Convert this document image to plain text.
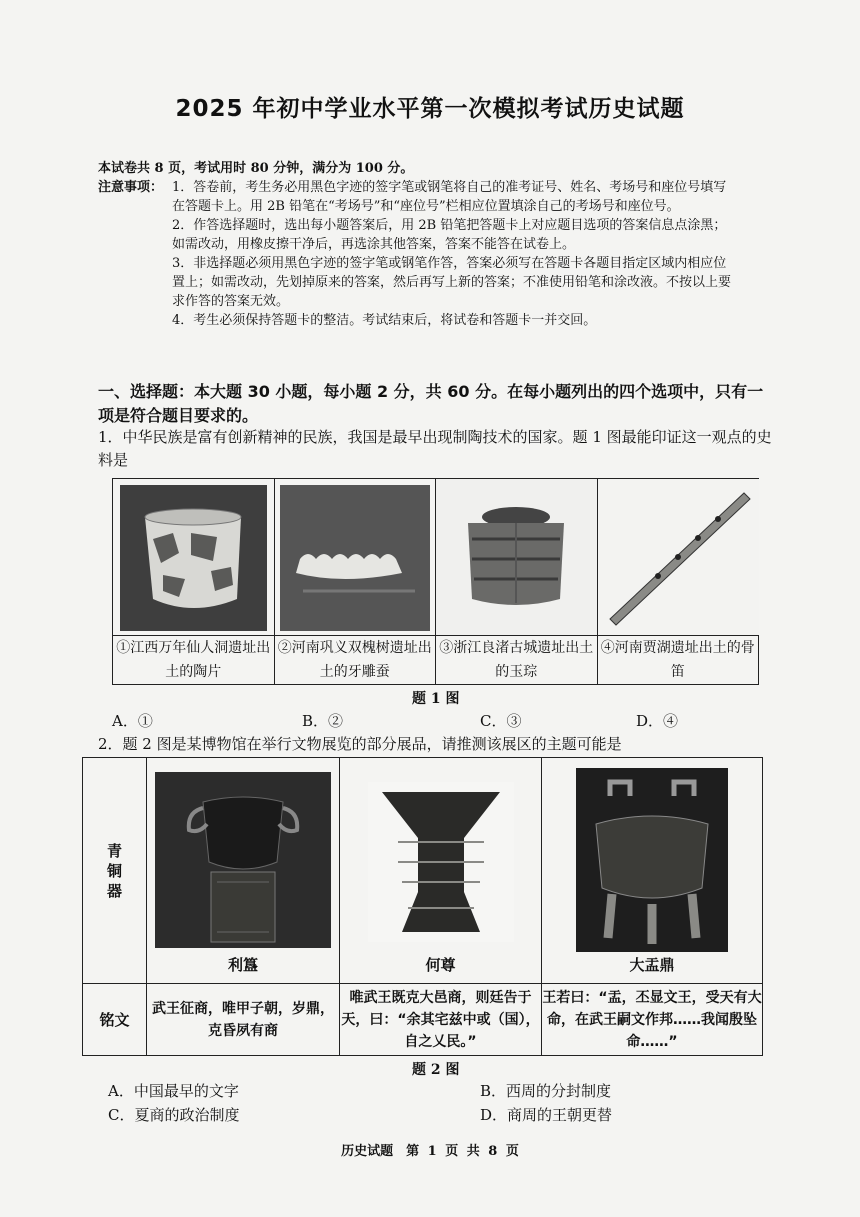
2025 年初中学业水平第一次模拟考试历史试题
本试卷共 8 页，考试用时 80 分钟，满分为 100 分。
注意事项： 1．答卷前，考生务必用黑色字迹的签字笔或钢笔将自己的准考证号、姓名、考场号和座位号填写在答题卡上。用 2B 铅笔在“考场号”和“座位号”栏相应位置填涂自己的考场号和座位号。

2．作答选择题时，选出每小题答案后，用 2B 铅笔把答题卡上对应题目选项的答案信息点涂黑；如需改动，用橡皮擦干净后，再选涂其他答案，答案不能答在试卷上。

3．非选择题必须用黑色字迹的签字笔或钢笔作答，答案必须写在答题卡各题目指定区域内相应位置上；如需改动，先划掉原来的答案，然后再写上新的答案；不准使用铅笔和涂改液。不按以上要求作答的答案无效。

4．考生必须保持答题卡的整洁。考试结束后，将试卷和答题卡一并交回。

一、选择题：本大题 30 小题，每小题 2 分，共 60 分。在每小题列出的四个选项中，只有一项是符合题目要求的。
1．中华民族是富有创新精神的民族，我国是最早出现制陶技术的国家。题 1 图最能印证这一观点的史料是

①江西万年仙人洞遗址出土的陶片	②河南巩义双槐树遗址出土的牙雕蚕	③浙江良渚古城遗址出土的玉琮	④河南贾湖遗址出土的骨笛
题 1 图
A．①	B．②	C．③	D．④
2．题 2 图是某博物馆在举行文物展览的部分展品，请推测该展区的主题可能是
青铜器	利簋	何尊	大盂鼎

铭文	武王征商，唯甲子朝，岁鼎，克昏夙有商	唯武王既克大邑商，则廷告于天，曰：“余其宅兹中或（国），自之乂民。”	王若曰：“盂，丕显文王，受天有大命，在武王嗣文作邦……我闻殷坠命……”
题 2 图
A．中国最早的文字	B．西周的分封制度
C．夏商的政治制度	D．商周的王朝更替
历史试题　第 1 页 共 8 页
